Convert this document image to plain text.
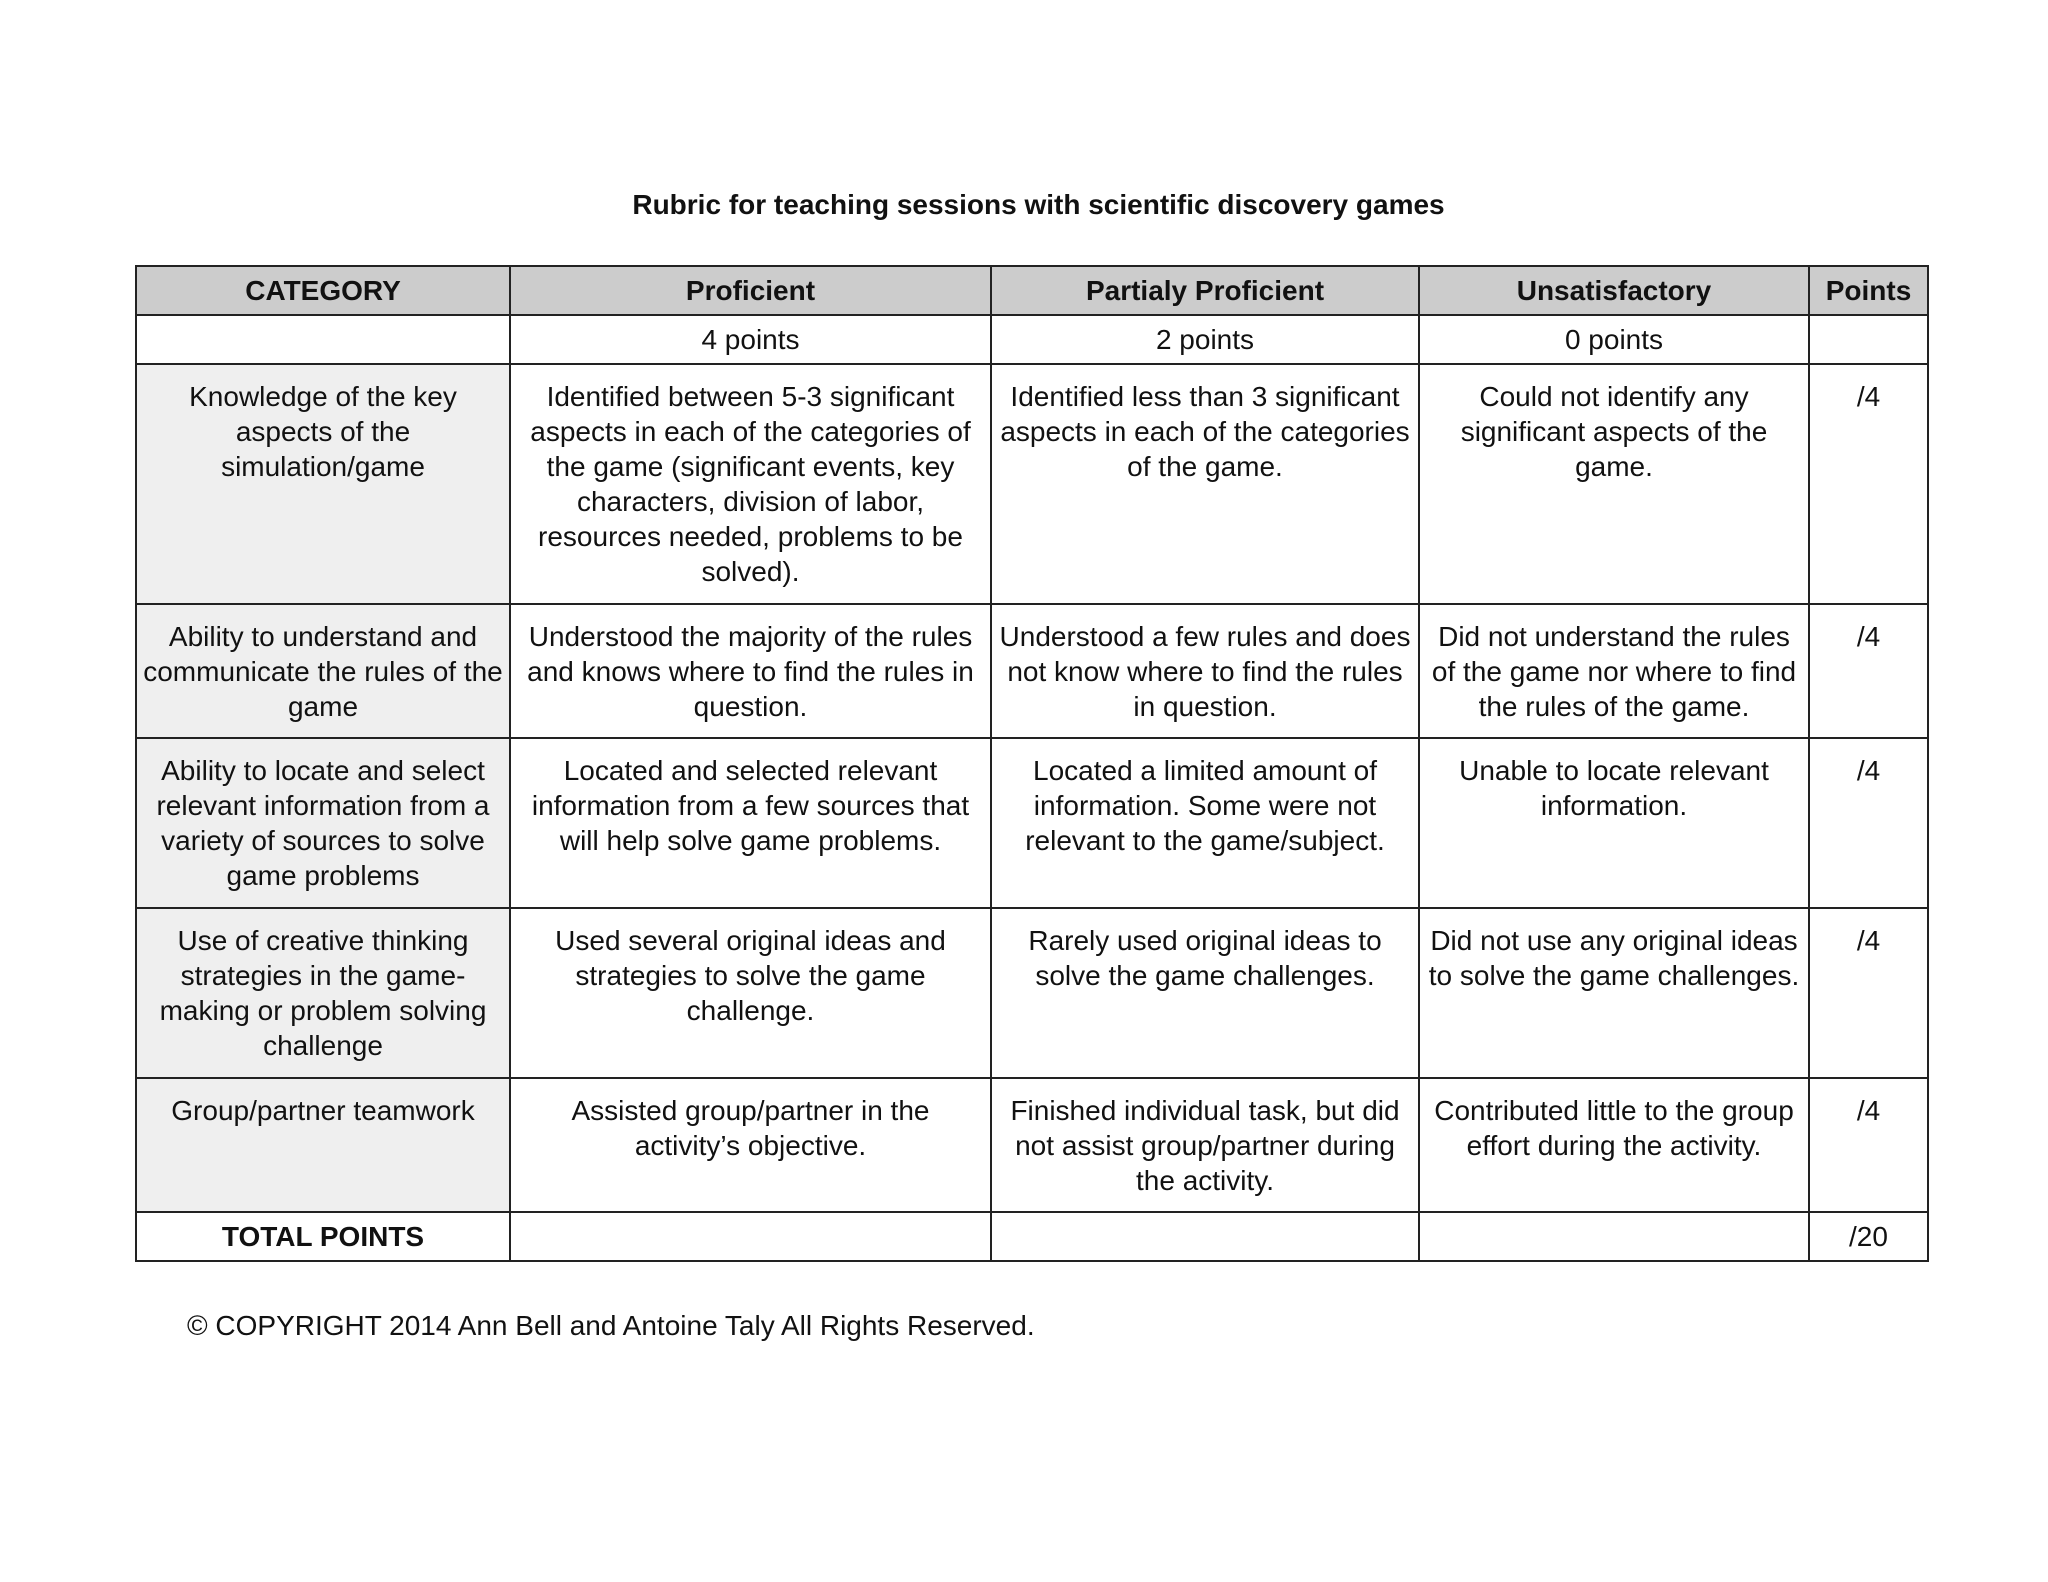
Rubric for teaching sessions with scientific discovery games
CATEGORY	Proficient	Partialy Proficient	Unsatisfactory	Points
	4 points	2 points	0 points	
Knowledge of the key aspects of the simulation/game	Identified between 5-3 significant aspects in each of the categories of the game (significant events, key characters, division of labor, resources needed, problems to be solved).	Identified less than 3 significant aspects in each of the categories of the game.	Could not identify any significant aspects of the game.	/4
Ability to understand and communicate the rules of the game	Understood the majority of the rules and knows where to find the rules in question.	Understood a few rules and does not know where to find the rules in question.	Did not understand the rules of the game nor where to find the rules of the game.	/4
Ability to locate and select relevant information from a variety of sources to solve game problems	Located and selected relevant information from a few sources that will help solve game problems.	Located a limited amount of information. Some were not relevant to the game/subject.	Unable to locate relevant information.	/4
Use of creative thinking strategies in the game-making or problem solving challenge	Used several original ideas and strategies to solve the game challenge.	Rarely used original ideas to solve the game challenges.	Did not use any original ideas to solve the game challenges.	/4
Group/partner teamwork	Assisted group/partner in the activity’s objective.	Finished individual task, but did not assist group/partner during the activity.	Contributed little to the group effort during the activity.	/4
TOTAL POINTS				/20
© COPYRIGHT 2014 Ann Bell and Antoine Taly All Rights Reserved.
